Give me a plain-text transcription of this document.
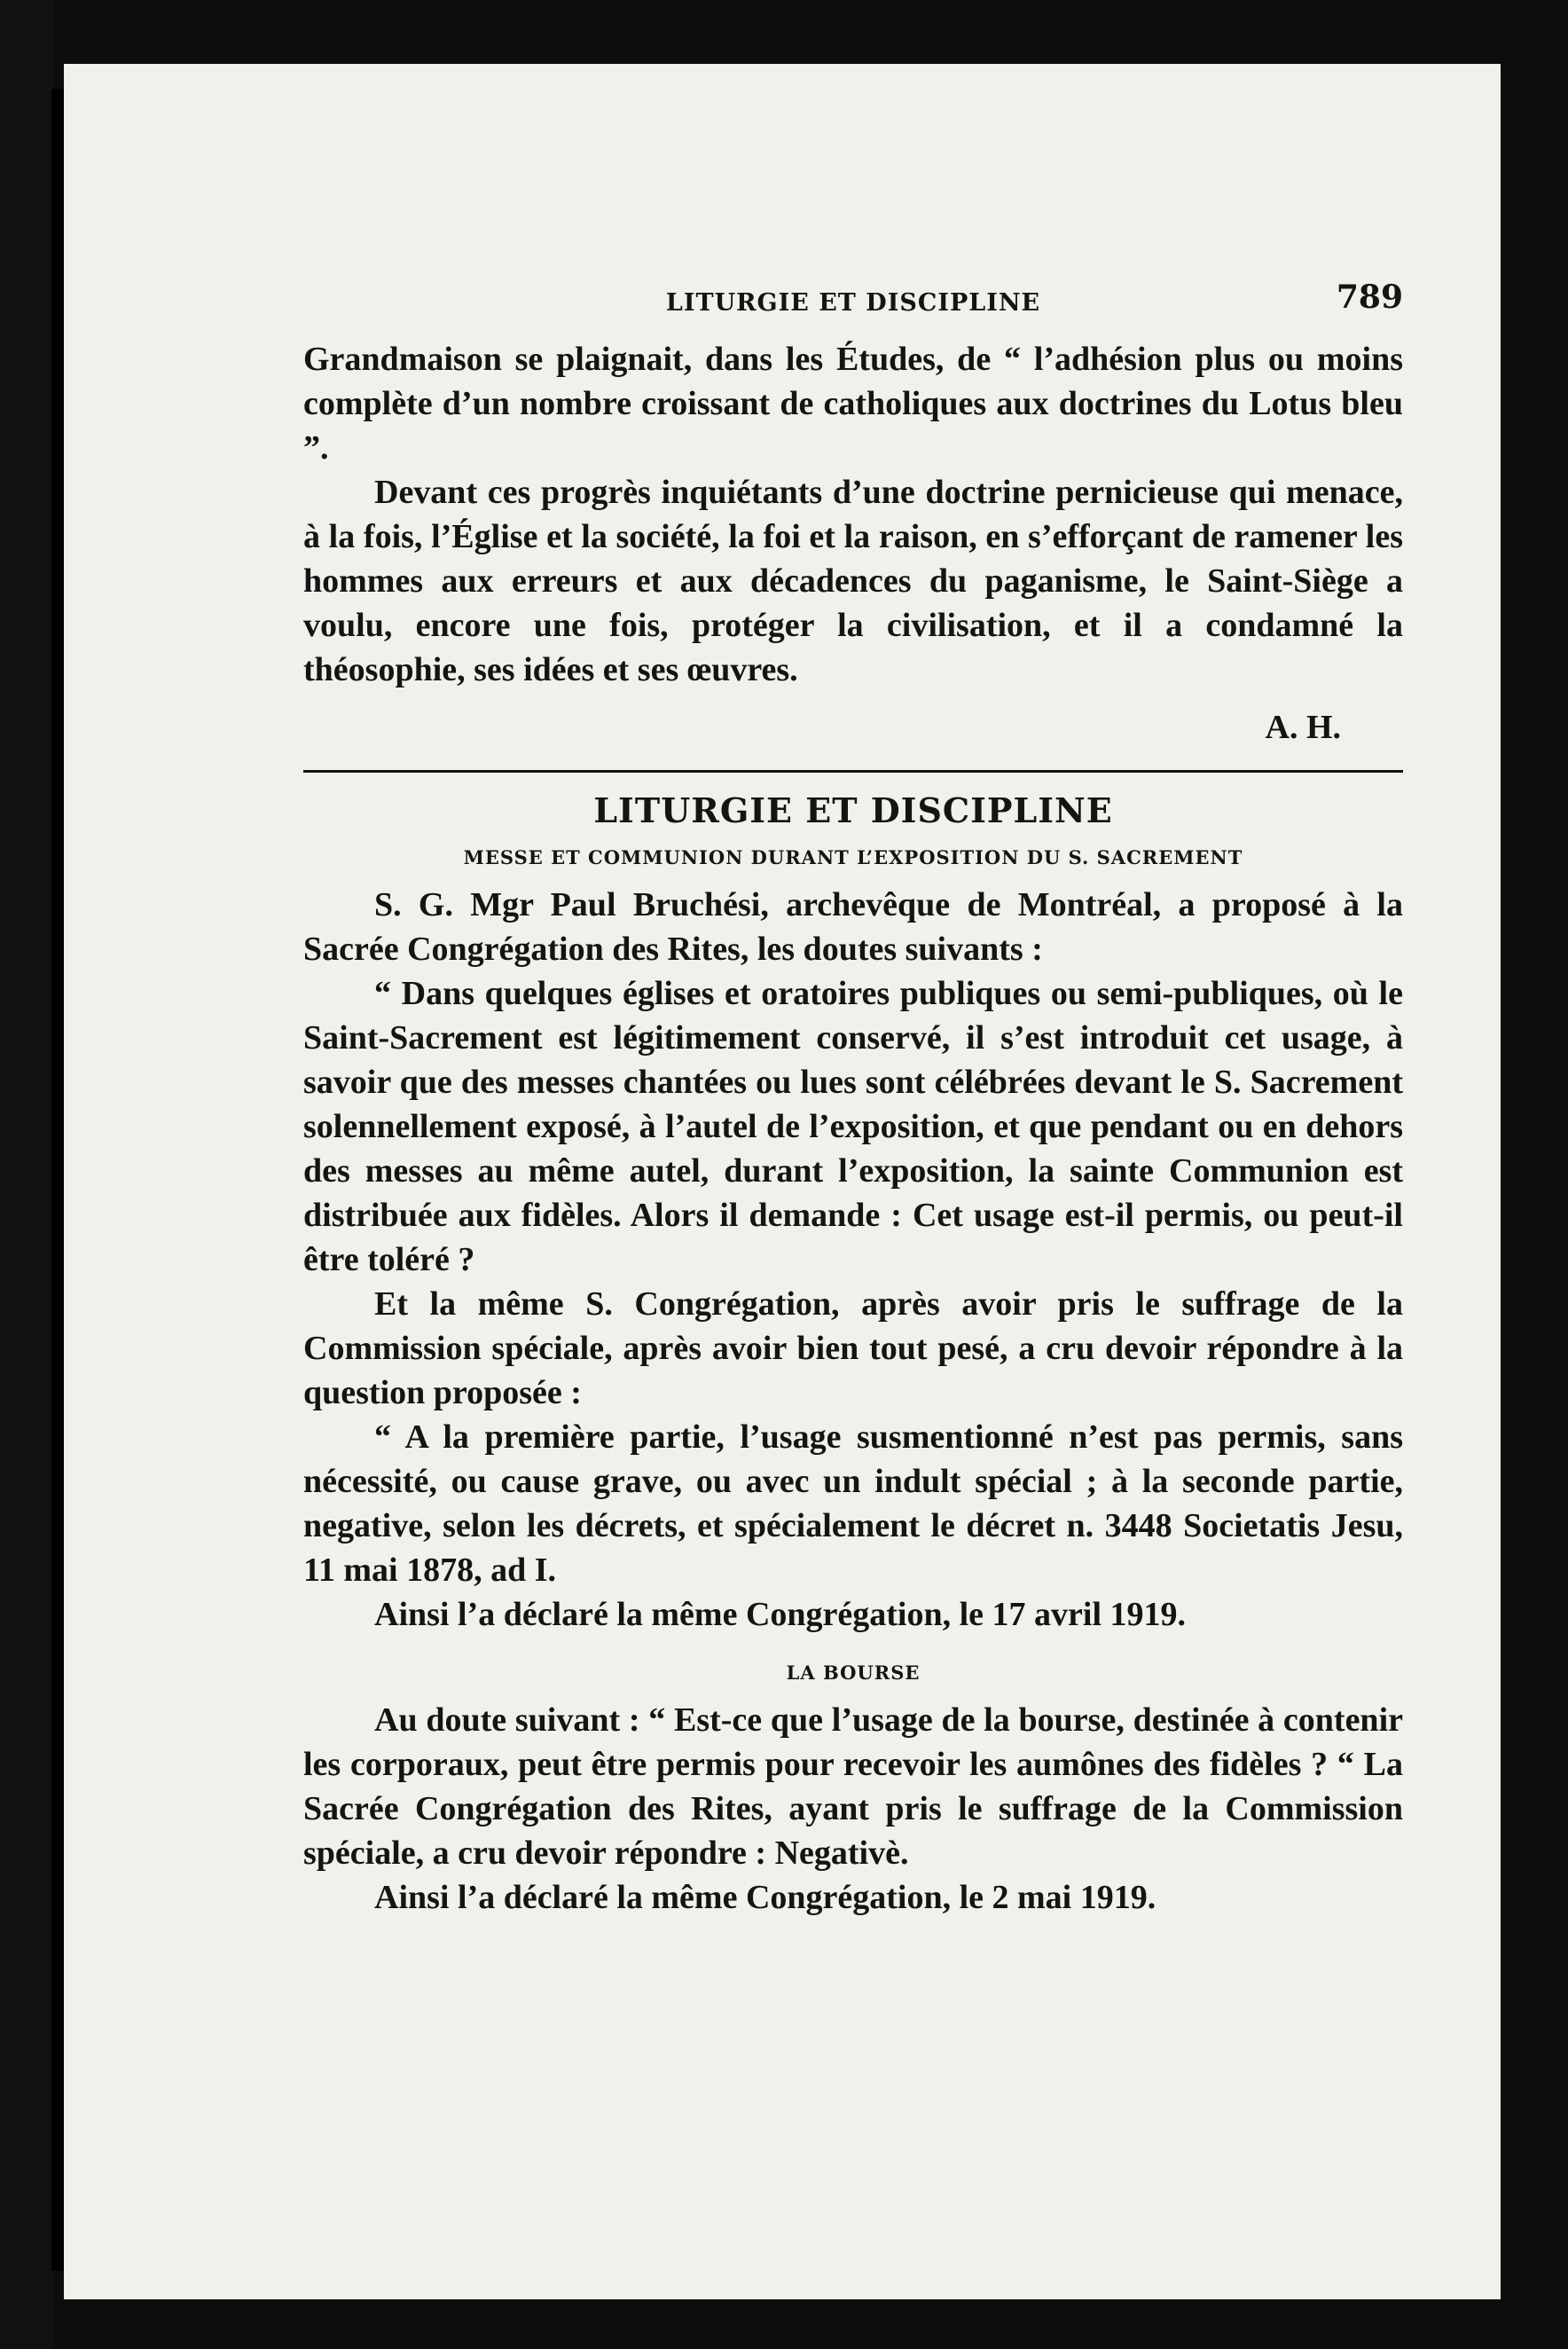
LITURGIE ET DISCIPLINE	789

Grandmaison se plaignait, dans les Études, de “ l’adhésion plus ou moins complète d’un nombre croissant de catholiques aux doctrines du Lotus bleu ”.

Devant ces progrès inquiétants d’une doctrine pernicieuse qui menace, à la fois, l’Église et la société, la foi et la raison, en s’efforçant de ramener les hommes aux erreurs et aux décadences du paganisme, le Saint-Siège a voulu, encore une fois, protéger la civilisation, et il a condamné la théosophie, ses idées et ses œuvres.

A. H.
LITURGIE ET DISCIPLINE
MESSE ET COMMUNION DURANT L’EXPOSITION DU S. SACREMENT

S. G. Mgr Paul Bruchési, archevêque de Montréal, a proposé à la Sacrée Congrégation des Rites, les doutes suivants :

“ Dans quelques églises et oratoires publiques ou semi-publiques, où le Saint-Sacrement est légitimement conservé, il s’est introduit cet usage, à savoir que des messes chantées ou lues sont célébrées devant le S. Sacrement solennellement exposé, à l’autel de l’exposition, et que pendant ou en dehors des messes au même autel, durant l’exposition, la sainte Communion est distribuée aux fidèles. Alors il demande : Cet usage est-il permis, ou peut-il être toléré ?

Et la même S. Congrégation, après avoir pris le suffrage de la Commission spéciale, après avoir bien tout pesé, a cru devoir répondre à la question proposée :

“ A la première partie, l’usage susmentionné n’est pas permis, sans nécessité, ou cause grave, ou avec un indult spécial ; à la seconde partie, negative, selon les décrets, et spécialement le décret n. 3448 Societatis Jesu, 11 mai 1878, ad I.

Ainsi l’a déclaré la même Congrégation, le 17 avril 1919.

LA BOURSE

Au doute suivant : “ Est-ce que l’usage de la bourse, destinée à contenir les corporaux, peut être permis pour recevoir les aumônes des fidèles ? “ La Sacrée Congrégation des Rites, ayant pris le suffrage de la Commission spéciale, a cru devoir répondre : Negativè.

Ainsi l’a déclaré la même Congrégation, le 2 mai 1919.
